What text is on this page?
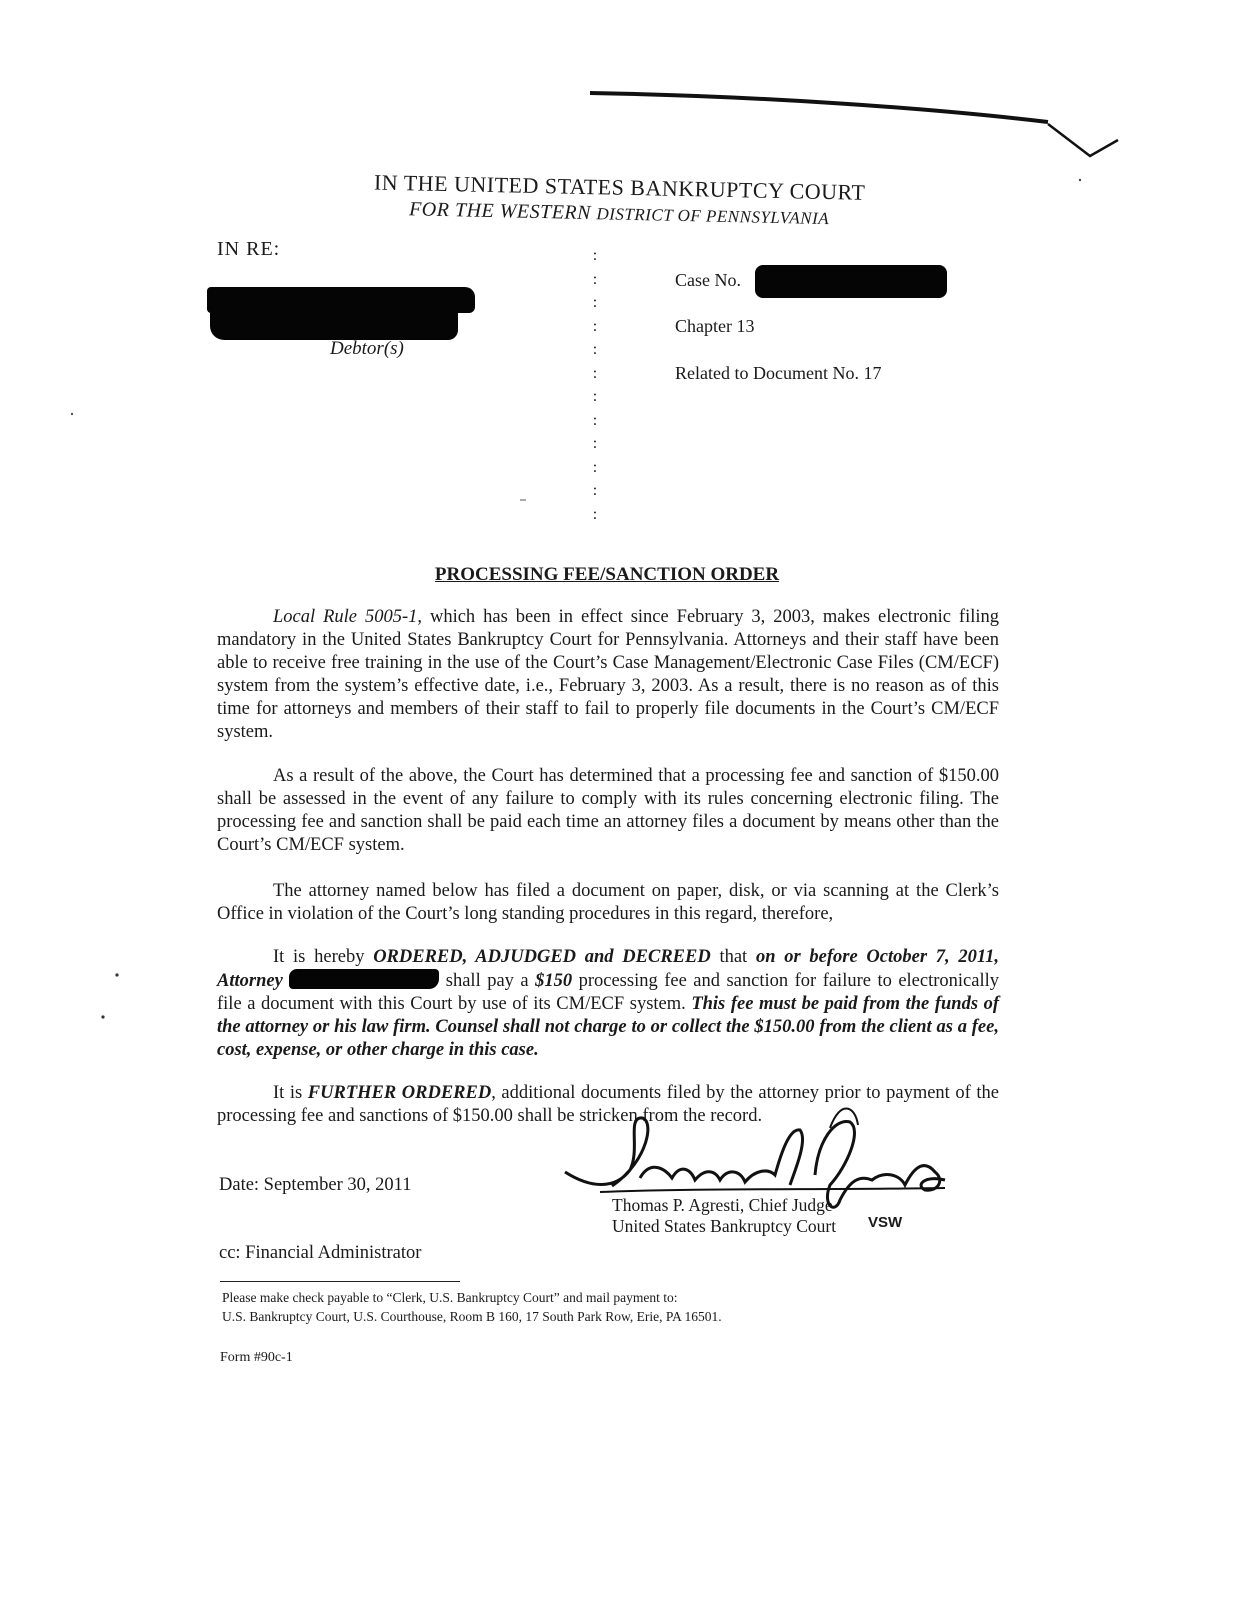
IN THE UNITED STATES BANKRUPTCY COURT
FOR THE WESTERN DISTRICT OF PENNSYLVANIA
IN RE:
Debtor(s)
:
:
:
:
:
:
:
:
:
:
:
:
Case No.
Chapter 13
Related to Document No. 17
PROCESSING FEE/SANCTION ORDER
Local Rule 5005-1, which has been in effect since February 3, 2003, makes electronic filing mandatory in the United States Bankruptcy Court for Pennsylvania. Attorneys and their staff have been able to receive free training in the use of the Court’s Case Management/Electronic Case Files (CM/ECF) system from the system’s effective date, i.e., February 3, 2003. As a result, there is no reason as of this time for attorneys and members of their staff to fail to properly file documents in the Court’s CM/ECF system.
As a result of the above, the Court has determined that a processing fee and sanction of $150.00 shall be assessed in the event of any failure to comply with its rules concerning electronic filing. The processing fee and sanction shall be paid each time an attorney files a document by means other than the Court’s CM/ECF system.
The attorney named below has filed a document on paper, disk, or via scanning at the Clerk’s Office in violation of the Court’s long standing procedures in this regard, therefore,
It is hereby ORDERED, ADJUDGED and DECREED that on or before October 7, 2011, Attorney	shall pay a $150 processing fee and sanction for failure to electronically file a document with this Court by use of its CM/ECF system. This fee must be paid from the funds of the attorney or his law firm. Counsel shall not charge to or collect the $150.00 from the client as a fee, cost, expense, or other charge in this case.
It is FURTHER ORDERED, additional documents filed by the attorney prior to payment of the processing fee and sanctions of $150.00 shall be stricken from the record.
Date: September 30, 2011
Thomas P. Agresti, Chief Judge
United States Bankruptcy Court VSW
cc: Financial Administrator
Please make check payable to “Clerk, U.S. Bankruptcy Court” and mail payment to:
U.S. Bankruptcy Court, U.S. Courthouse, Room B 160, 17 South Park Row, Erie, PA 16501.
Form #90c-1
